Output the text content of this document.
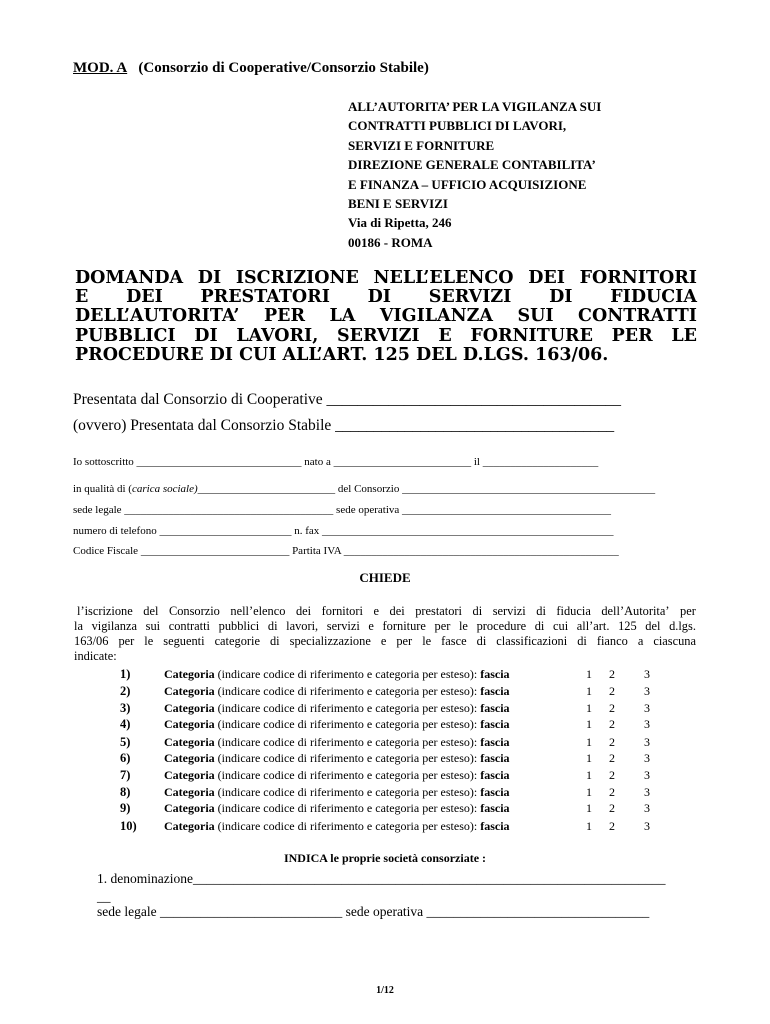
MOD. A (Consorzio di Cooperative/Consorzio Stabile)
ALL’AUTORITA’ PER LA VIGILANZA SUI
CONTRATTI PUBBLICI DI LAVORI,
SERVIZI E FORNITURE
DIREZIONE GENERALE CONTABILITA’
E FINANZA – UFFICIO ACQUISIZIONE
BENI E SERVIZI
Via di Ripetta, 246
00186 - ROMA
DOMANDA DI ISCRIZIONE NELL’ELENCO DEI FORNITORI
E DEI PRESTATORI DI SERVIZI DI FIDUCIA
DELL’AUTORITA’ PER LA VIGILANZA SUI CONTRATTI
PUBBLICI DI LAVORI, SERVIZI E FORNITURE PER LE
PROCEDURE DI CUI ALL’ART. 125 DEL D.LGS. 163/06.
Presentata dal Consorzio di Cooperative ______________________________________
(ovvero) Presentata dal Consorzio Stabile ____________________________________
Io sottoscritto ______________________________ nato a _________________________ il _____________________
in qualità di (carica sociale)_________________________ del Consorzio ______________________________________________
sede legale ______________________________________ sede operativa ______________________________________
numero di telefono ________________________ n. fax _____________________________________________________
Codice Fiscale ___________________________ Partita IVA __________________________________________________
CHIEDE
l’iscrizione del Consorzio nell’elenco dei fornitori e dei prestatori di servizi di fiducia dell’Autorita’ per
la vigilanza sui contratti pubblici di lavori, servizi e forniture per le procedure di cui all’art. 125 del d.lgs.
163/06 per le seguenti categorie di specializzazione e per le fasce di classificazioni di fianco a ciascuna
indicate:
1)	Categoria (indicare codice di riferimento e categoria per esteso): fascia	1 2 3
2)	Categoria (indicare codice di riferimento e categoria per esteso): fascia	1 2 3
3)	Categoria (indicare codice di riferimento e categoria per esteso): fascia	1 2 3
4)	Categoria (indicare codice di riferimento e categoria per esteso): fascia	1 2 3
5)	Categoria (indicare codice di riferimento e categoria per esteso): fascia	1 2 3
6)	Categoria (indicare codice di riferimento e categoria per esteso): fascia	1 2 3
7)	Categoria (indicare codice di riferimento e categoria per esteso): fascia	1 2 3
8)	Categoria (indicare codice di riferimento e categoria per esteso): fascia	1 2 3
9)	Categoria (indicare codice di riferimento e categoria per esteso): fascia	1 2 3
10) Categoria (indicare codice di riferimento e categoria per esteso): fascia	1 2 3
INDICA le proprie società consorziate :
1. denominazione______________________________________________________________________
__
sede legale ___________________________ sede operativa _________________________________
1/12
